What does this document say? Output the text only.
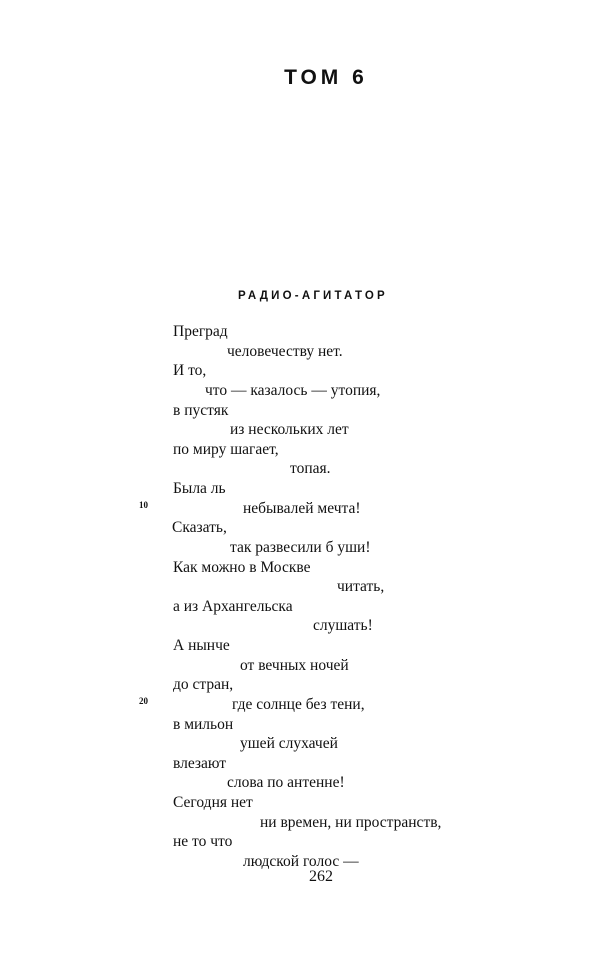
ТОМ 6
РАДИО-АГИТАТОР
Преград
человечеству нет.
И то,
что — казалось — утопия,
в пустяк
из нескольких лет
по миру шагает,
топая.
Была ль
небывалей мечта!
Сказать,
так развесили б уши!
Как можно в Москве
читать,
а из Архангельска
слушать!
А нынче
от вечных ночей
до стран,
где солнце без тени,
в мильон
ушей слухачей
влезают
слова по антенне!
Сегодня нет
ни времен, ни пространств,
не то что
людской голос —
10
20
262
